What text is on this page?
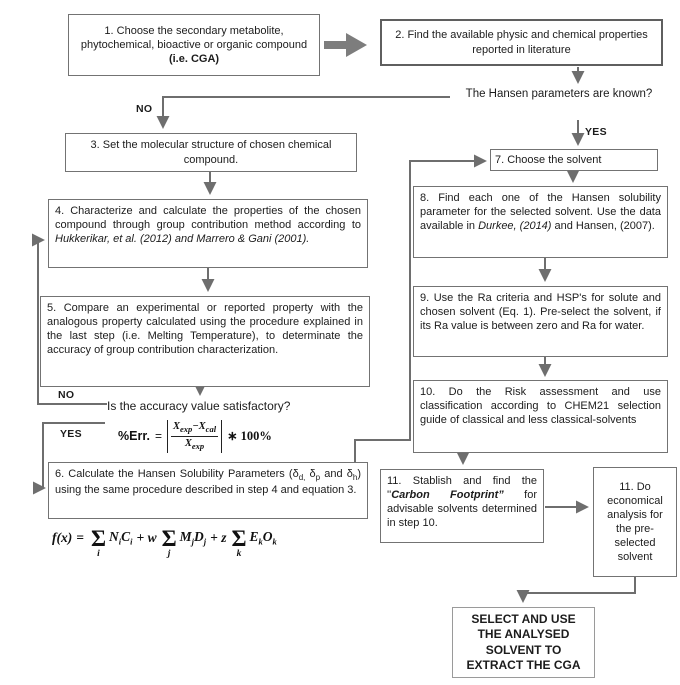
1. Choose the secondary metabolite, phytochemical, bioactive or organic compound (i.e. CGA)
2. Find the available physic and chemical properties reported in literature
The Hansen parameters are known?
NO
YES
3. Set the molecular structure of chosen chemical compound.
4. Characterize and calculate the properties of the chosen compound through group contribution method according to Hukkerikar, et al. (2012) and Marrero & Gani (2001).
5. Compare an experimental or reported property with the analogous property calculated using the procedure explained in the last step (i.e. Melting Temperature), to determinate the accuracy of group contribution characterization.
Is the accuracy value satisfactory?
NO
YES	%Err. = $\frac{X_{exp}-X_{cal}}{X_{exp}}$ ∗ 100%
6. Calculate the Hansen Solubility Parameters ($\delta_{d,}$ $\delta_p$ and $\delta_h$) using the same procedure described in step 4 and equation 3.
f(x) = Σ
i
$N_iC_i + w$ Σ
j
$M_jD_j + z$ Σ
k
$E_kO_k$
7. Choose the solvent
8. Find each one of the Hansen solubility parameter for the selected solvent. Use the data available in Durkee, (2014) and Hansen, (2007).
9. Use the Ra criteria and HSP's for solute and chosen solvent (Eq. 1). Pre-select the solvent, if its Ra value is between zero and Ra for water.
10. Do the Risk assessment and use classification according to CHEM21 selection guide of classical and less classical-solvents
11. Stablish and find the ''Carbon Footprint” for advisable solvents determined in step 10.
11. Do economical analysis for the pre-selected solvent
SELECT AND USE THE ANALYSED SOLVENT TO EXTRACT THE CGA
